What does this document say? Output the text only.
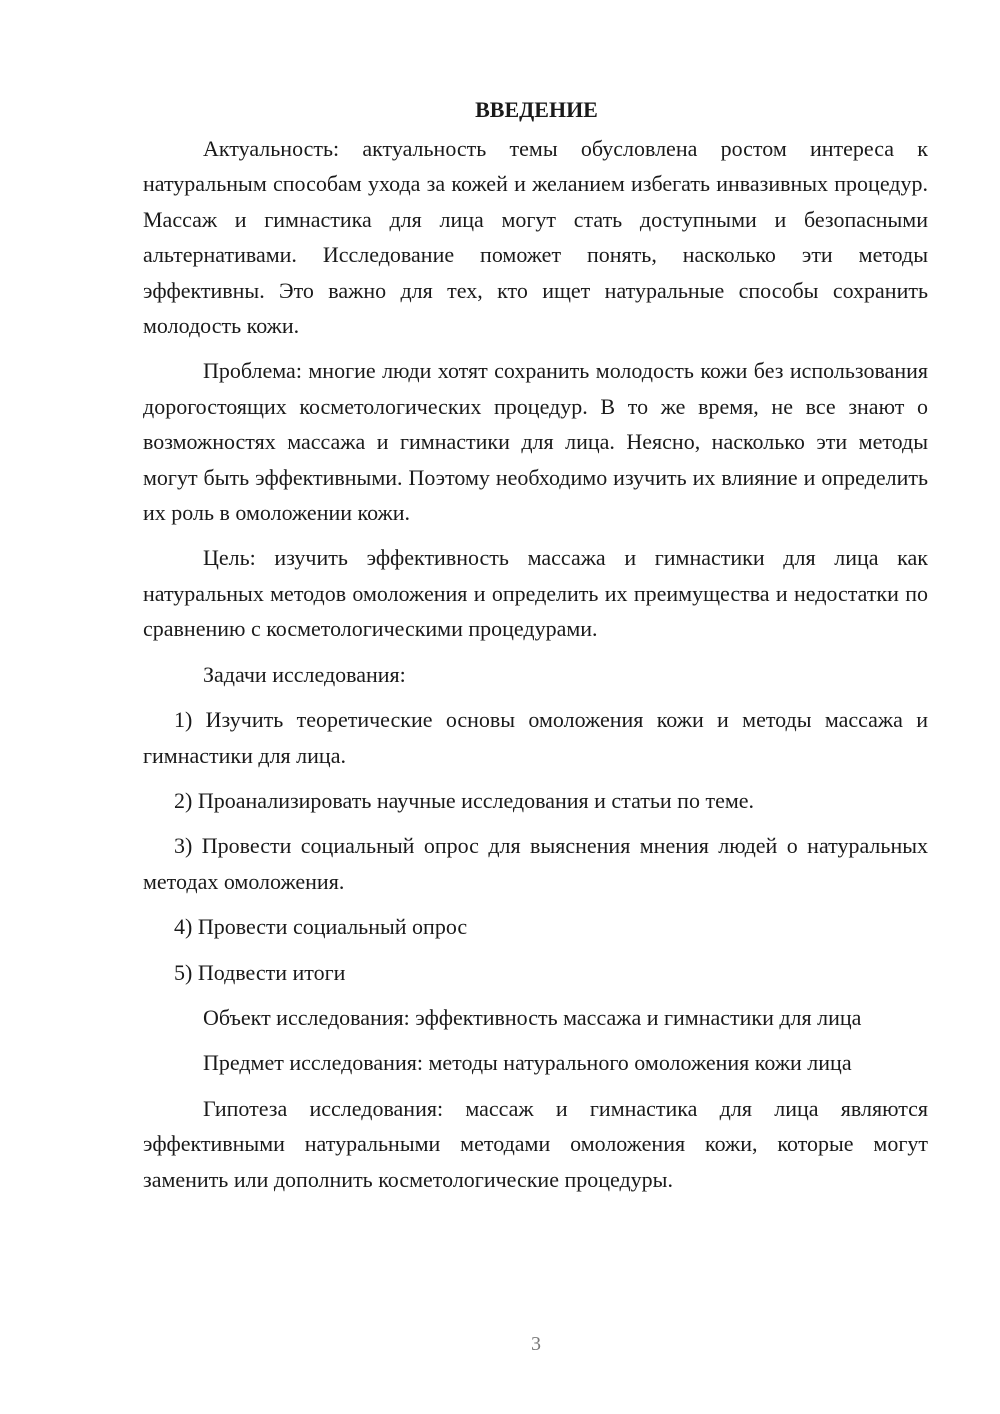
ВВЕДЕНИЕ

Актуальность: актуальность темы обусловлена ростом интереса к натуральным способам ухода за кожей и желанием избегать инвазивных процедур. Массаж и гимнастика для лица могут стать доступными и безопасными альтернативами. Исследование поможет понять, насколько эти методы эффективны. Это важно для тех, кто ищет натуральные способы сохранить молодость кожи.

Проблема: многие люди хотят сохранить молодость кожи без использования дорогостоящих косметологических процедур. В то же время, не все знают о возможностях массажа и гимнастики для лица. Неясно, насколько эти методы могут быть эффективными. Поэтому необходимо изучить их влияние и определить их роль в омоложении кожи.

Цель: изучить эффективность массажа и гимнастики для лица как натуральных методов омоложения и определить их преимущества и недостатки по сравнению с косметологическими процедурами.

Задачи исследования:

1) Изучить теоретические основы омоложения кожи и методы массажа и гимнастики для лица.

2) Проанализировать научные исследования и статьи по теме.

3) Провести социальный опрос для выяснения мнения людей о натуральных методах омоложения.

4) Провести социальный опрос

5) Подвести итоги

Объект исследования: эффективность массажа и гимнастики для лица

Предмет исследования: методы натурального омоложения кожи лица

Гипотеза исследования: массаж и гимнастика для лица являются эффективными натуральными методами омоложения кожи, которые могут заменить или дополнить косметологические процедуры.

3
